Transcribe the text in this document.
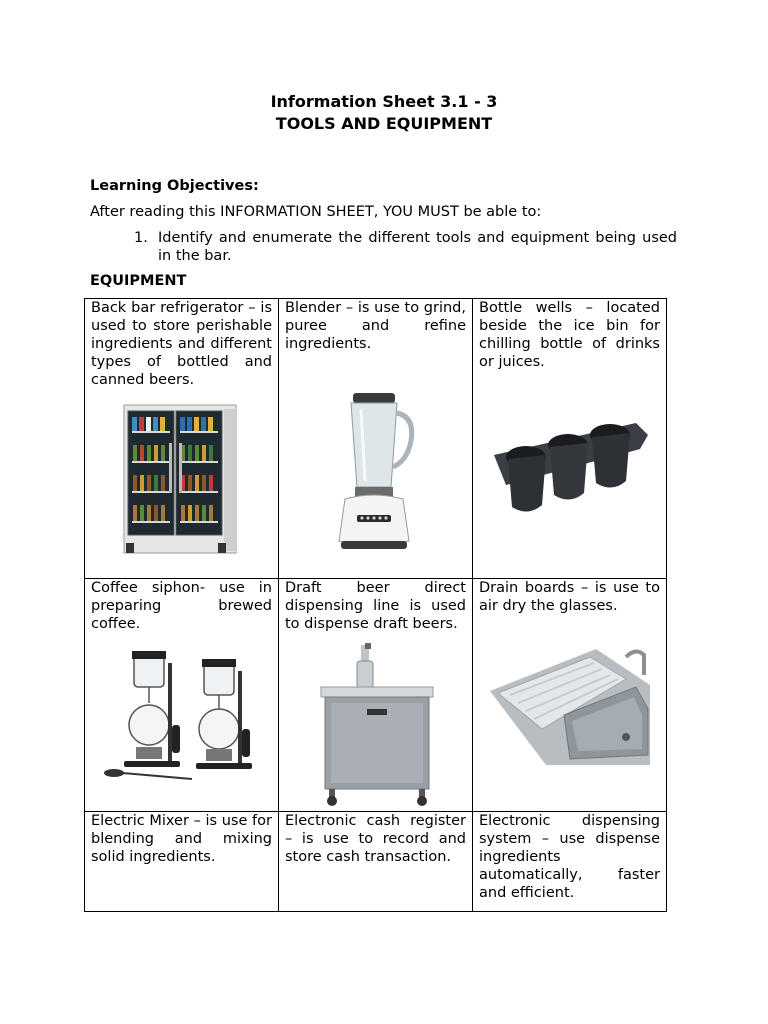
Information Sheet 3.1 - 3
TOOLS AND EQUIPMENT
Learning Objectives:
After reading this INFORMATION SHEET, YOU MUST be able to:
1. Identify and enumerate the different tools and equipment being used in the bar.
EQUIPMENT
Back bar refrigerator – is used to store perishable ingredients and different types of bottled and canned beers.	Blender – is use to grind, puree and refine ingredients.	Bottle wells – located beside the ice bin for chilling bottle of drinks or juices.

Coffee siphon- use in preparing brewed coffee.	Draft beer direct dispensing line is used to dispense draft beers.	Drain boards – is use to air dry the glasses.

Electric Mixer – is use for blending and mixing solid ingredients.	Electronic cash register – is use to record and store cash transaction.	Electronic dispensing system – use dispense ingredients automatically, faster and efficient.
